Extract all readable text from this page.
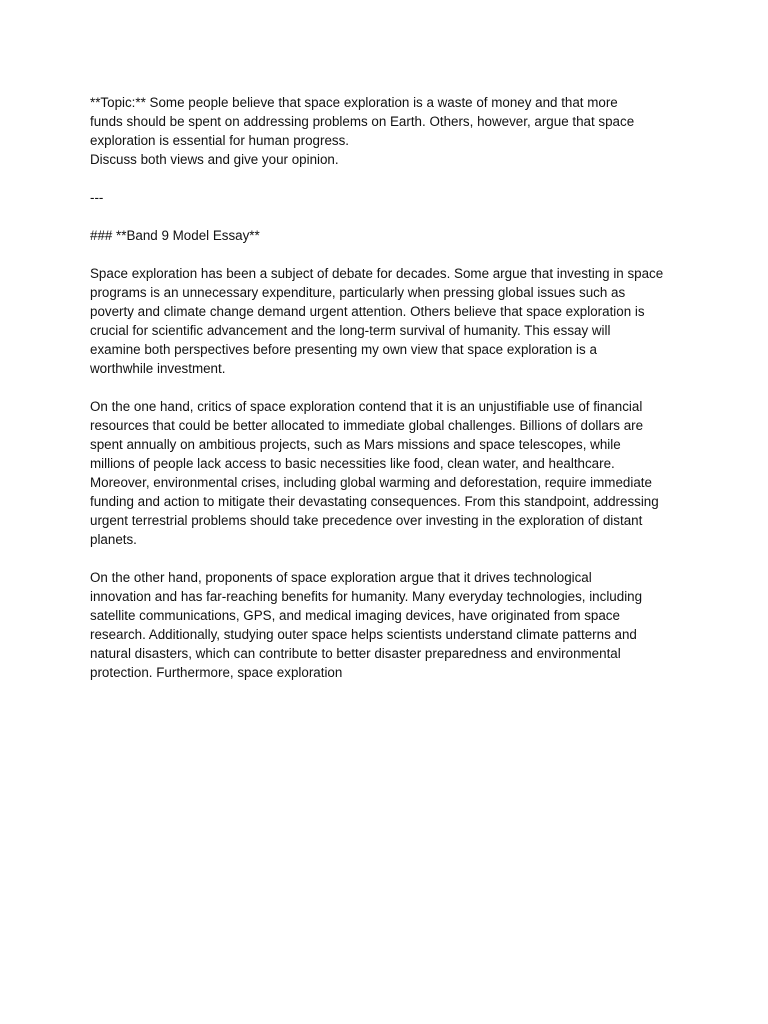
**Topic:** Some people believe that space exploration is a waste of money and that more
funds should be spent on addressing problems on Earth. Others, however, argue that space
exploration is essential for human progress.
Discuss both views and give your opinion.
---
### **Band 9 Model Essay**
Space exploration has been a subject of debate for decades. Some argue that investing in space
programs is an unnecessary expenditure, particularly when pressing global issues such as
poverty and climate change demand urgent attention. Others believe that space exploration is
crucial for scientific advancement and the long-term survival of humanity. This essay will
examine both perspectives before presenting my own view that space exploration is a
worthwhile investment.
On the one hand, critics of space exploration contend that it is an unjustifiable use of financial
resources that could be better allocated to immediate global challenges. Billions of dollars are
spent annually on ambitious projects, such as Mars missions and space telescopes, while
millions of people lack access to basic necessities like food, clean water, and healthcare.
Moreover, environmental crises, including global warming and deforestation, require immediate
funding and action to mitigate their devastating consequences. From this standpoint, addressing
urgent terrestrial problems should take precedence over investing in the exploration of distant
planets.
On the other hand, proponents of space exploration argue that it drives technological
innovation and has far-reaching benefits for humanity. Many everyday technologies, including
satellite communications, GPS, and medical imaging devices, have originated from space
research. Additionally, studying outer space helps scientists understand climate patterns and
natural disasters, which can contribute to better disaster preparedness and environmental
protection. Furthermore, space exploration
